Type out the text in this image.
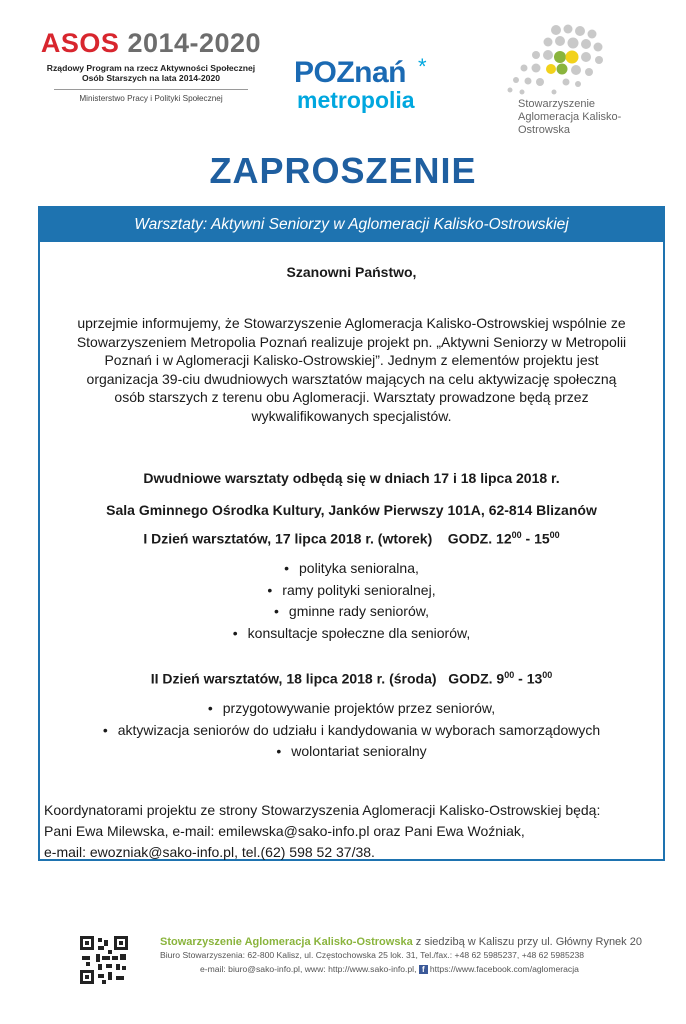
ASOS 2014-2020
Rządowy Program na rzecz Aktywności Społecznej
Osób Starszych na lata 2014-2020
Ministerstwo Pracy i Polityki Społecznej
POZnań *
metropolia	Stowarzyszenie
Aglomeracja Kalisko-Ostrowska
ZAPROSZENIE
Warsztaty: Aktywni Seniorzy w Aglomeracji Kalisko-Ostrowskiej
Szanowni Państwo,
uprzejmie informujemy, że Stowarzyszenie Aglomeracja Kalisko-Ostrowskiej wspólnie ze
Stowarzyszeniem Metropolia Poznań realizuje projekt pn. „Aktywni Seniorzy w Metropolii
Poznań i w Aglomeracji Kalisko-Ostrowskiej”. Jednym z elementów projektu jest
organizacja 39-ciu dwudniowych warsztatów mających na celu aktywizację społeczną
osób starszych z terenu obu Aglomeracji. Warsztaty prowadzone będą przez
wykwalifikowanych specjalistów.
Dwudniowe warsztaty odbędą się w dniach 17 i 18 lipca 2018 r.
Sala Gminnego Ośrodka Kultury, Janków Pierwszy 101A, 62-814 Blizanów
I Dzień warsztatów, 17 lipca 2018 r. (wtorek) GODZ. $12^{00} - 15^{00}$
• polityka senioralna,
• ramy polityki senioralnej,
• gminne rady seniorów,
• konsultacje społeczne dla seniorów,
II Dzień warsztatów, 18 lipca 2018 r. (środa) GODZ. $9^{00} - 13^{00}$
• przygotowywanie projektów przez seniorów,
• aktywizacja seniorów do udziału i kandydowania w wyborach samorządowych
• wolontariat senioralny
Koordynatorami projektu ze strony Stowarzyszenia Aglomeracji Kalisko-Ostrowskiej będą:
Pani Ewa Milewska, e-mail: emilewska@sako-info.pl oraz Pani Ewa Woźniak,
e-mail: ewozniak@sako-info.pl, tel.(62) 598 52 37/38.
Stowarzyszenie Aglomeracja Kalisko-Ostrowska z siedzibą w Kaliszu przy ul. Główny Rynek 20
Biuro Stowarzyszenia: 62-800 Kalisz, ul. Częstochowska 25 lok. 31, Tel./fax.: +48 62 5985237, +48 62 5985238
e-mail: biuro@sako-info.pl, www: http://www.sako-info.pl, f https://www.facebook.com/aglomeracja
